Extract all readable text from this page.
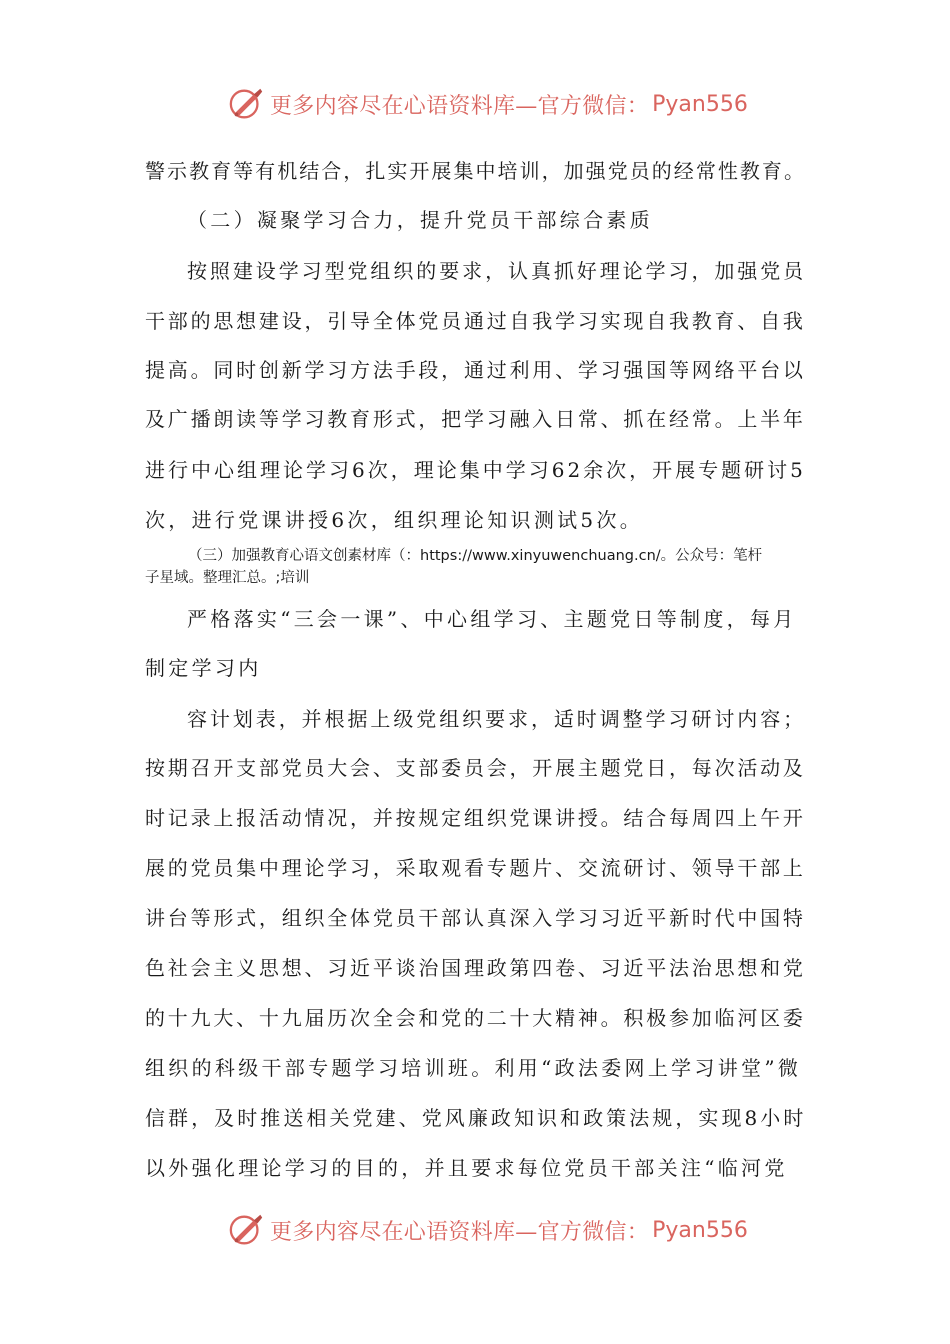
更多内容尽在心语资料库—官方微信： Pyan556
警示教育等有机结合，扎实开展集中培训，加强党员的经常性教育。
（二）凝聚学习合力，提升党员干部综合素质
按照建设学习型党组织的要求，认真抓好理论学习，加强党员
干部的思想建设，引导全体党员通过自我学习实现自我教育、自我
提高。同时创新学习方法手段，通过利用、学习强国等网络平台以
及广播朗读等学习教育形式，把学习融入日常、抓在经常。上半年
进行中心组理论学习6次，理论集中学习62余次，开展专题研讨5
次，进行党课讲授6次，组织理论知识测试5次。
（三）加强教育心语文创素材库（：https://www.xinyuwenchuang.cn/。公众号：笔杆
子星域。整理汇总。;培训
严格落实“三会一课”、中心组学习、主题党日等制度，每月
制定学习内
容计划表，并根据上级党组织要求，适时调整学习研讨内容；
按期召开支部党员大会、支部委员会，开展主题党日，每次活动及
时记录上报活动情况，并按规定组织党课讲授。结合每周四上午开
展的党员集中理论学习，采取观看专题片、交流研讨、领导干部上
讲台等形式，组织全体党员干部认真深入学习习近平新时代中国特
色社会主义思想、习近平谈治国理政第四卷、习近平法治思想和党
的十九大、十九届历次全会和党的二十大精神。积极参加临河区委
组织的科级干部专题学习培训班。利用“政法委网上学习讲堂”微
信群，及时推送相关党建、党风廉政知识和政策法规，实现8小时
以外强化理论学习的目的，并且要求每位党员干部关注“临河党
更多内容尽在心语资料库—官方微信： Pyan556
